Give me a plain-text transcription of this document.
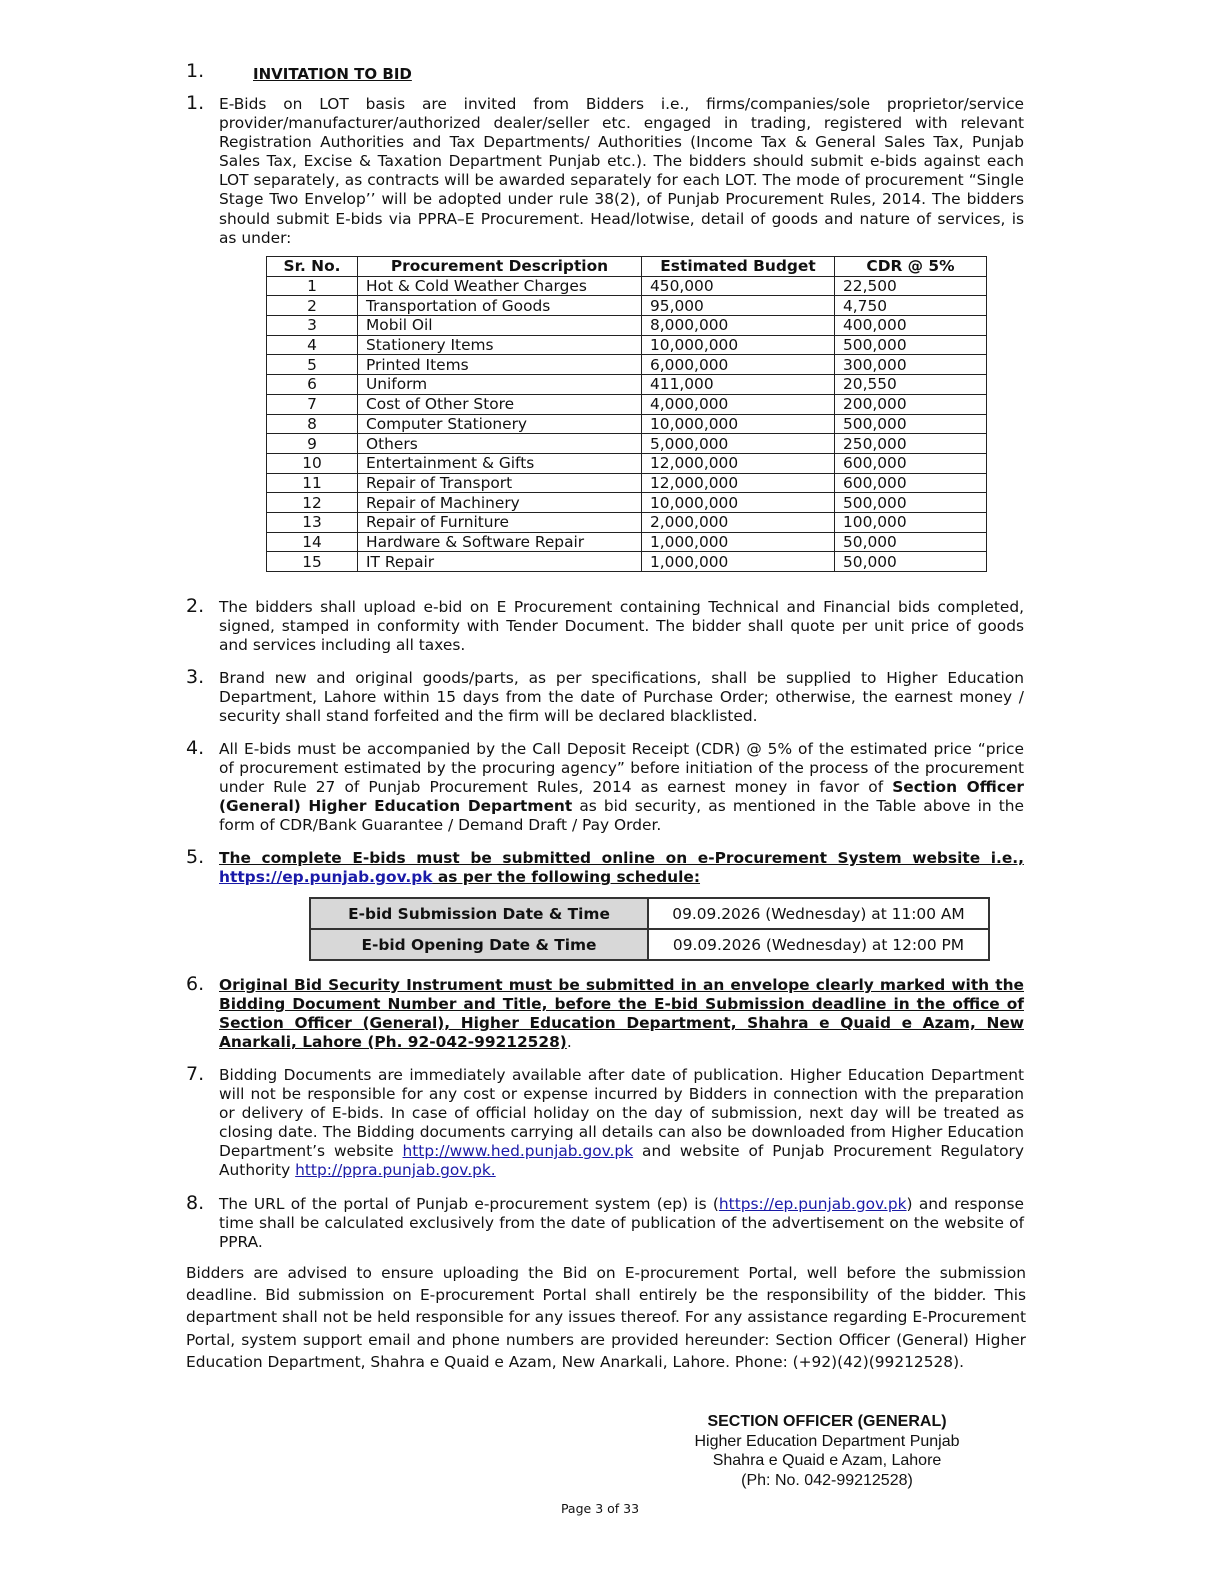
1.	INVITATION TO BID
1. E-Bids on LOT basis are invited from Bidders i.e., firms/companies/sole proprietor/service provider/manufacturer/authorized dealer/seller etc. engaged in trading, registered with relevant Registration Authorities and Tax Departments/ Authorities (Income Tax & General Sales Tax, Punjab Sales Tax, Excise & Taxation Department Punjab etc.). The bidders should submit e-bids against each LOT separately, as contracts will be awarded separately for each LOT. The mode of procurement “Single Stage Two Envelop’’ will be adopted under rule 38(2), of Punjab Procurement Rules, 2014. The bidders should submit E-bids via PPRA–E Procurement. Head/lotwise, detail of goods and nature of services, is as under:
Sr. No.	Procurement Description	Estimated Budget	CDR @ 5%
1	Hot & Cold Weather Charges	450,000	22,500
2	Transportation of Goods	95,000	4,750
3	Mobil Oil	8,000,000	400,000
4	Stationery Items	10,000,000	500,000
5	Printed Items	6,000,000	300,000
6	Uniform	411,000	20,550
7	Cost of Other Store	4,000,000	200,000
8	Computer Stationery	10,000,000	500,000
9	Others	5,000,000	250,000
10	Entertainment & Gifts	12,000,000	600,000
11	Repair of Transport	12,000,000	600,000
12	Repair of Machinery	10,000,000	500,000
13	Repair of Furniture	2,000,000	100,000
14	Hardware & Software Repair	1,000,000	50,000
15	IT Repair	1,000,000	50,000
2. The bidders shall upload e-bid on E Procurement containing Technical and Financial bids completed, signed, stamped in conformity with Tender Document. The bidder shall quote per unit price of goods and services including all taxes.
3. Brand new and original goods/parts, as per specifications, shall be supplied to Higher Education Department, Lahore within 15 days from the date of Purchase Order; otherwise, the earnest money / security shall stand forfeited and the firm will be declared blacklisted.
4. All E-bids must be accompanied by the Call Deposit Receipt (CDR) @ 5% of the estimated price “price of procurement estimated by the procuring agency” before initiation of the process of the procurement under Rule 27 of Punjab Procurement Rules, 2014 as earnest money in favor of Section Officer (General) Higher Education Department as bid security, as mentioned in the Table above in the form of CDR/Bank Guarantee / Demand Draft / Pay Order.
5. The complete E-bids must be submitted online on e-Procurement System website i.e., https://ep.punjab.gov.pk as per the following schedule:
E-bid Submission Date & Time	09.09.2026 (Wednesday) at 11:00 AM
E-bid Opening Date & Time	09.09.2026 (Wednesday) at 12:00 PM
6. Original Bid Security Instrument must be submitted in an envelope clearly marked with the Bidding Document Number and Title, before the E-bid Submission deadline in the office of Section Officer (General), Higher Education Department, Shahra e Quaid e Azam, New Anarkali, Lahore (Ph. 92-042-99212528).
7. Bidding Documents are immediately available after date of publication. Higher Education Department will not be responsible for any cost or expense incurred by Bidders in connection with the preparation or delivery of E-bids. In case of official holiday on the day of submission, next day will be treated as closing date. The Bidding documents carrying all details can also be downloaded from Higher Education Department’s website http://www.hed.punjab.gov.pk and website of Punjab Procurement Regulatory Authority http://ppra.punjab.gov.pk.
8. The URL of the portal of Punjab e-procurement system (ep) is (https://ep.punjab.gov.pk) and response time shall be calculated exclusively from the date of publication of the advertisement on the website of PPRA.
Bidders are advised to ensure uploading the Bid on E-procurement Portal, well before the submission deadline. Bid submission on E-procurement Portal shall entirely be the responsibility of the bidder. This department shall not be held responsible for any issues thereof. For any assistance regarding E-Procurement Portal, system support email and phone numbers are provided hereunder: Section Officer (General) Higher Education Department, Shahra e Quaid e Azam, New Anarkali, Lahore. Phone: (+92)(42)(99212528).
SECTION OFFICER (GENERAL)
Higher Education Department Punjab
Shahra e Quaid e Azam, Lahore
(Ph: No. 042-99212528)
Page 3 of 33
